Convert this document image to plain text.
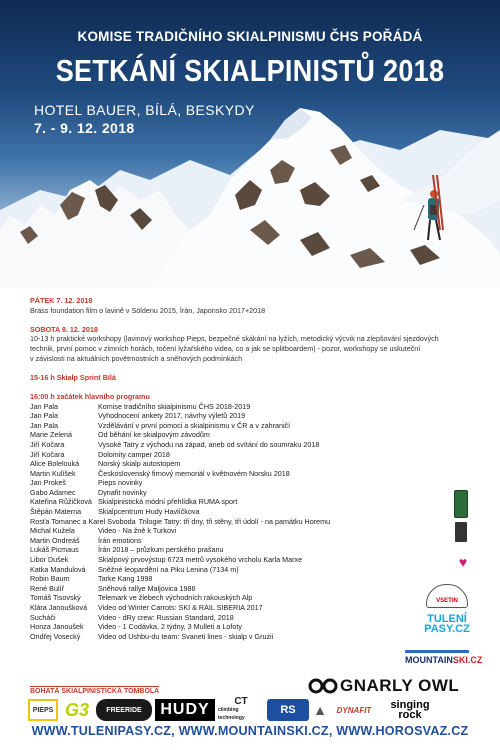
KOMISE TRADIČNÍHO SKIALPINISMU ČHS POŘÁDÁ
SETKÁNÍ SKIALPINISTŮ 2018
HOTEL BAUER, BÍLÁ, BESKYDY
7. - 9. 12. 2018
PÁTEK 7. 12. 2018
Brass foundation film o lavině v Söldenu 2015, Írán, Japonsko 2017+2018
SOBOTA 8. 12. 2018
10-13 h praktické workshopy (lavinový workshop Pieps, bezpečné skákání na lyžích, metodický výcvik na zlepšování sjezdových
technik, první pomoc v zimních horách, točení lyžařského videa, co a jak se splitboardem) - pozor, workshopy se uskuteční
v závislosti na aktuálních povětrnostních a sněhových podmínkách
15-16 h Skialp Sprint Bílá
16:00 h začátek hlavního programu
Jan Pala	Komise tradičního skialpinismu ČHS 2018-2019
Jan Pala	Vyhodnocení ankety 2017, návrhy výletů 2019
Jan Pala	Vzdělávání v první pomoci a skialpinismu v ČR a v zahraničí
Marie Zelená	Od běhání ke skialpovým závodům
Jiří Kočara	Vysoké Tatry z východu na západ, aneb od svítání do soumraku 2018
Jiří Kočara	Dolomity camper 2018
Alice Bolelouká	Norský skialp autostopem
Martin Kulíšek	Československý firnový memoriál v květnovém Norsku 2018
Jan Prokeš	Pieps novinky
Gabo Adamec	Dynafit novinky
Kateřina Růžičková Skialpinistická módní přehlídka RUMA sport
Štěpán Materna	Skialpcentrum Hudy Havlíčkova
Rosťa Tomanec a Karel Svoboda Trilogie Tatry: tři dny, tři stěny, tři údolí - na památku Horemu
Michal Kužela	Video - Na žně k Turkovi
Martin Ondreáš	Írán emotions
Lukáš Picmaus	Írán 2018 – průzkum perského prašanu
Libor Dušek	Skialpový prvovýstup 6723 metrů vysokého vrcholu Karla Marxe
Katka Mandulová	Sněžné leopardění na Piku Lenina (7134 m)
Robin Baum	Tarke Kang 1998
René Bulíř	Sněhová rallye Maljovica 1986
Tomáš Tisovský	Telemark ve žlebech východních rakouských Alp
Klára Janoušková	Video od Winter Carrots: SKI & RAIL SIBERIA 2017
Sucháči	Video - dRy crew: Russian Standard, 2018
Honza Janoušek	Video - 1 Codávka, 2 týdny, 3 Mulleti a Lofoty
Ondřej Vosecký	Video od Ushbu-du team: Svaneti lines - skialp v Gruzii
♥
VSETIN
TULENÍ PASY.CZ
MOUNTAINSKI.CZ
GNARLY OWL
BOHATÁ SKIALPINISTICKÁ TOMBOLA
PIEPS G3	FREERIDE	HUDY	CT
climbing technology
RS	▲	DYNAFIT	singing
rock
WWW.TULENIPASY.CZ, WWW.MOUNTAINSKI.CZ, WWW.HOROSVAZ.CZ
